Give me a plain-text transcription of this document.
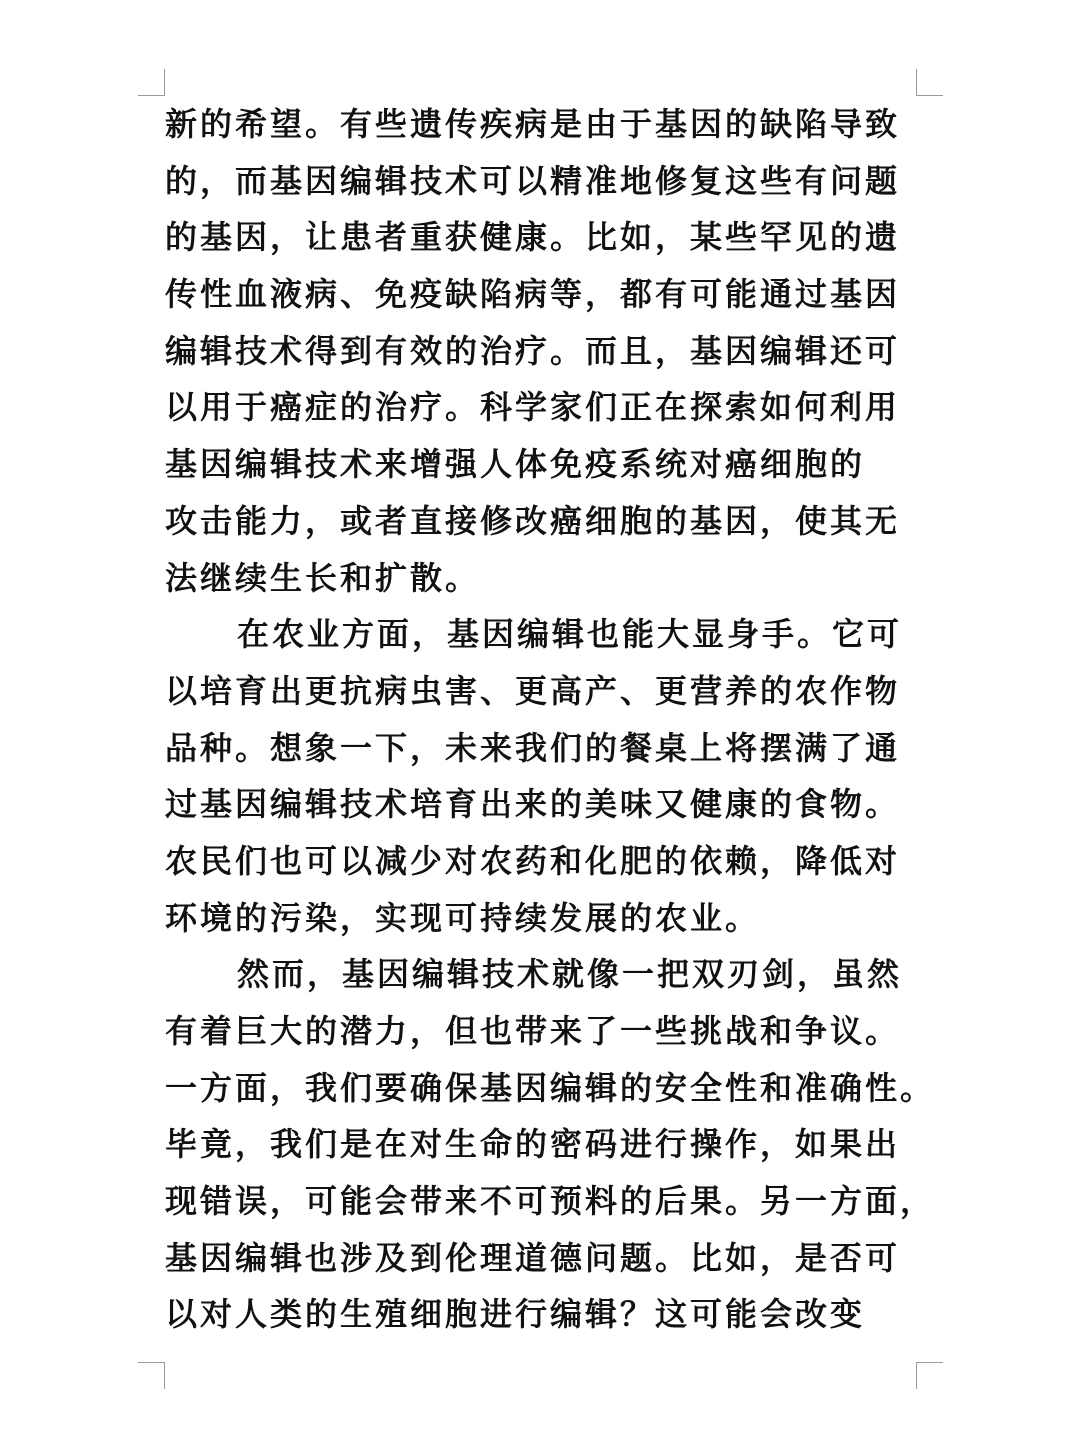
新的希望。有些遗传疾病是由于基因的缺陷导致
的，而基因编辑技术可以精准地修复这些有问题
的基因，让患者重获健康。比如，某些罕见的遗
传性血液病、免疫缺陷病等，都有可能通过基因
编辑技术得到有效的治疗。而且，基因编辑还可
以用于癌症的治疗。科学家们正在探索如何利用
基因编辑技术来增强人体免疫系统对癌细胞的
攻击能力，或者直接修改癌细胞的基因，使其无
法继续生长和扩散。
在农业方面，基因编辑也能大显身手。它可
以培育出更抗病虫害、更高产、更营养的农作物
品种。想象一下，未来我们的餐桌上将摆满了通
过基因编辑技术培育出来的美味又健康的食物。
农民们也可以减少对农药和化肥的依赖，降低对
环境的污染，实现可持续发展的农业。
然而，基因编辑技术就像一把双刃剑，虽然
有着巨大的潜力，但也带来了一些挑战和争议。
一方面，我们要确保基因编辑的安全性和准确性。
毕竟，我们是在对生命的密码进行操作，如果出
现错误，可能会带来不可预料的后果。另一方面，
基因编辑也涉及到伦理道德问题。比如，是否可
以对人类的生殖细胞进行编辑？这可能会改变
